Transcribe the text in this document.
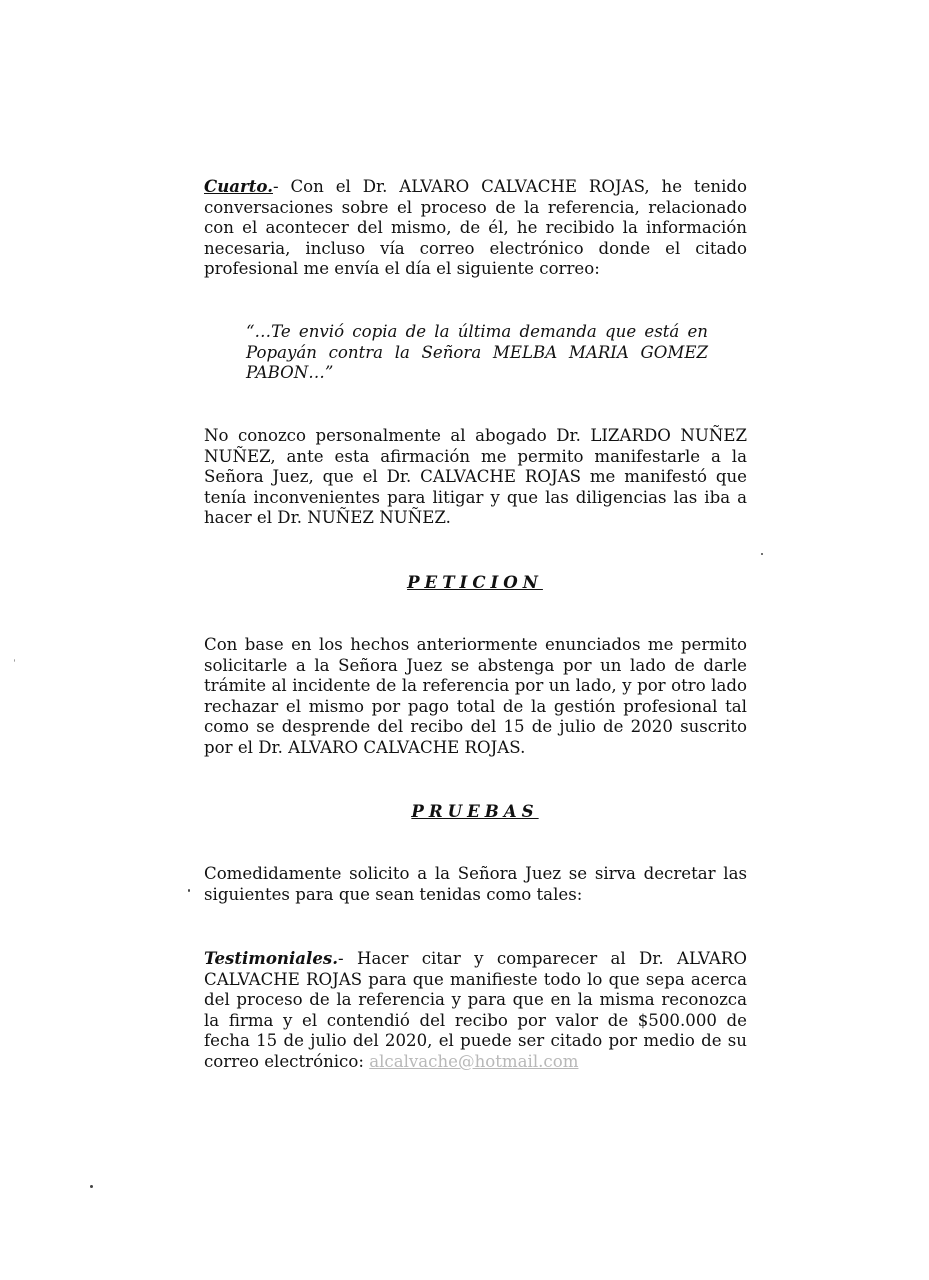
Cuarto.- Con el Dr. ALVARO CALVACHE ROJAS, he tenido conversaciones sobre el proceso de la referencia, relacionado con el acontecer del mismo, de él, he recibido la información necesaria, incluso vía correo electrónico donde el citado profesional me envía el día el siguiente correo:

“…Te envió copia de la última demanda que está en Popayán contra la Señora MELBA MARIA GOMEZ PABON…”

No conozco personalmente al abogado Dr. LIZARDO NUÑEZ NUÑEZ, ante esta afirmación me permito manifestarle a la Señora Juez, que el Dr. CALVACHE ROJAS me manifestó que tenía inconvenientes para litigar y que las diligencias las iba a hacer el Dr. NUÑEZ NUÑEZ.

PETICION

Con base en los hechos anteriormente enunciados me permito solicitarle a la Señora Juez se abstenga por un lado de darle trámite al incidente de la referencia por un lado, y por otro lado rechazar el mismo por pago total de la gestión profesional tal como se desprende del recibo del 15 de julio de 2020 suscrito por el Dr. ALVARO CALVACHE ROJAS.

PRUEBAS

Comedidamente solicito a la Señora Juez se sirva decretar las siguientes para que sean tenidas como tales:

Testimoniales.- Hacer citar y comparecer al Dr. ALVARO CALVACHE ROJAS para que manifieste todo lo que sepa acerca del proceso de la referencia y para que en la misma reconozca la firma y el contendió del recibo por valor de $500.000 de fecha 15 de julio del 2020, el puede ser citado por medio de su correo electrónico: alcalvache@hotmail.com
